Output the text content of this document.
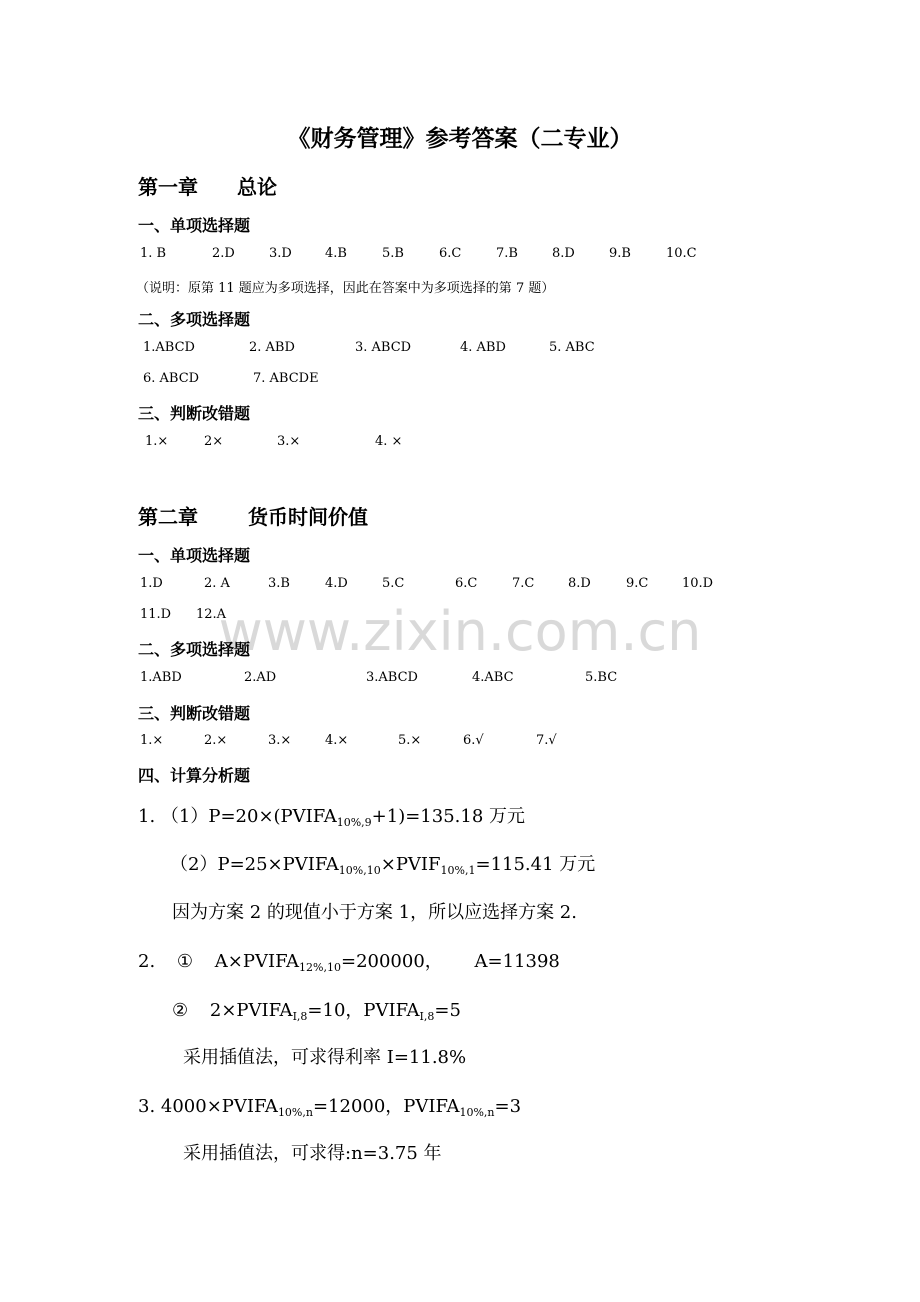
www.zixin.com.cn
《财务管理》参考答案（二专业）
第一章 总论
一、单项选择题
1. B	2.D	3.D	4.B	5.B	6.C	7.B	8.D	9.B	10.C
（说明：原第 11 题应为多项选择，因此在答案中为多项选择的第 7 题）
二、多项选择题
1.ABCD	2. ABD	3. ABCD	4. ABD	5. ABC
6. ABCD	7. ABCDE
三、判断改错题
1.×	2×	3.×	4. ×
第二章	货币时间价值
一、单项选择题
1.D	2. A	3.B	4.D	5.C	6.C	7.C	8.D	9.C	10.D
11.D 12.A
二、多项选择题
1.ABD	2.AD	3.ABCD	4.ABC	5.BC
三、判断改错题
1.×	2.×	3.×	4.×	5.×	6.√	7.√
四、计算分析题
1. $(1)P=20\times(PVIFA_{10\%,9}+1)=135.18$ 万元
$(2)P=25\times PVIFA_{10\%,10}\times PVIF_{10\%,1}=115.41$ 万元
因为方案 2 的现值小于方案 1，所以应选择方案 2.
2. ① $A\times PVIFA_{12\%,10}=200000$， A=11398
② $2\times PVIFA_{I,8}=10$，$PVIFA_{I,8}=5$
采用插值法，可求得利率 I=11.8%
3. $4000\times PVIFA_{10\%,n}=12000$，$PVIFA_{10\%,n}=3$
采用插值法，可求得:n=3.75 年
